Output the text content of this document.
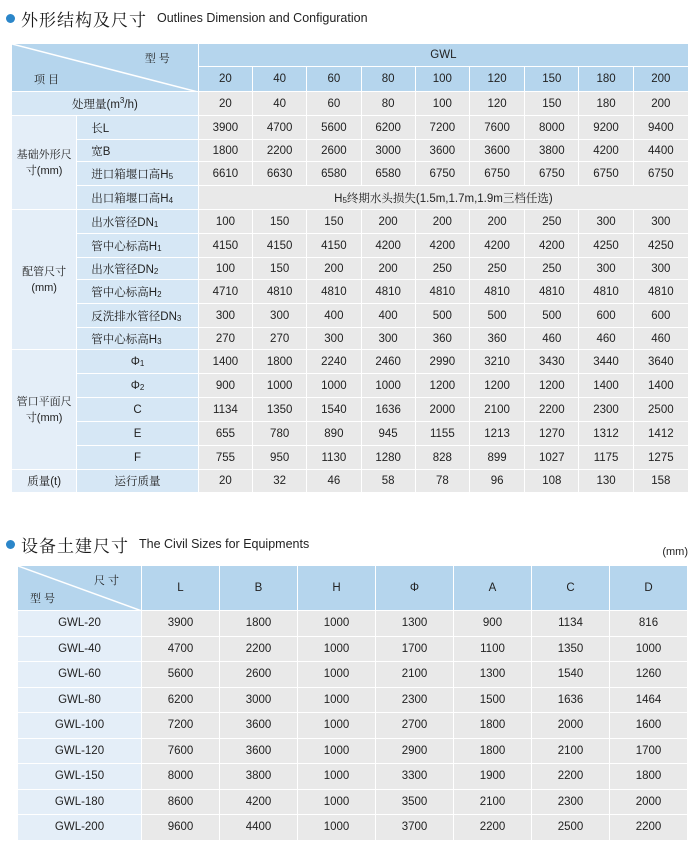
外形结构及尺寸 Outlines Dimension and Configuration
型 号
项 目		GWL								
		20	40	60	80	100	120	150	180	200
处理量$(m^3/h)$		20	40	60	80	100	120	150	180	200
基础外形尺寸(mm)	长L	3900	4700	5600	6200	7200	7600	8000	9200	9400
	宽B	1800	2200	2600	3000	3600	3600	3800	4200	4400
	进口箱堰口高$H_5$	6610	6630	6580	6580	6750	6750	6750	6750	6750
	出口箱堰口高$H_4$	$H_5$终期水头损失(1.5m,1.7m,1.9m三档任选)								
配管尺寸(mm)	出水管径$DN_1$	100	150	150	200	200	200	250	300	300
	管中心标高$H_1$	4150	4150	4150	4200	4200	4200	4200	4250	4250
	出水管径$DN_2$	100	150	200	200	250	250	250	300	300
	管中心标高$H_2$	4710	4810	4810	4810	4810	4810	4810	4810	4810
	反洗排水管径$DN_3$	300	300	400	400	500	500	500	600	600
	管中心标高$H_3$	270	270	300	300	360	360	460	460	460
管口平面尺寸(mm)	$\Phi_1$	1400	1800	2240	2460	2990	3210	3430	3440	3640
	$\Phi_2$	900	1000	1000	1000	1200	1200	1200	1400	1400
	C	1134	1350	1540	1636	2000	2100	2200	2300	2500
	E	655	780	890	945	1155	1213	1270	1312	1412
	F	755	950	1130	1280	828	899	1027	1175	1275
质量(t)	运行质量	20	32	46	58	78	96	108	130	158
设备土建尺寸 The Civil Sizes for Equipments
(mm)
尺 寸
型 号	L	B	H	Φ	A	C	D
GWL-20	3900	1800	1000	1300	900	1134	816
GWL-40	4700	2200	1000	1700	1100	1350	1000
GWL-60	5600	2600	1000	2100	1300	1540	1260
GWL-80	6200	3000	1000	2300	1500	1636	1464
GWL-100	7200	3600	1000	2700	1800	2000	1600
GWL-120	7600	3600	1000	2900	1800	2100	1700
GWL-150	8000	3800	1000	3300	1900	2200	1800
GWL-180	8600	4200	1000	3500	2100	2300	2000
GWL-200	9600	4400	1000	3700	2200	2500	2200
